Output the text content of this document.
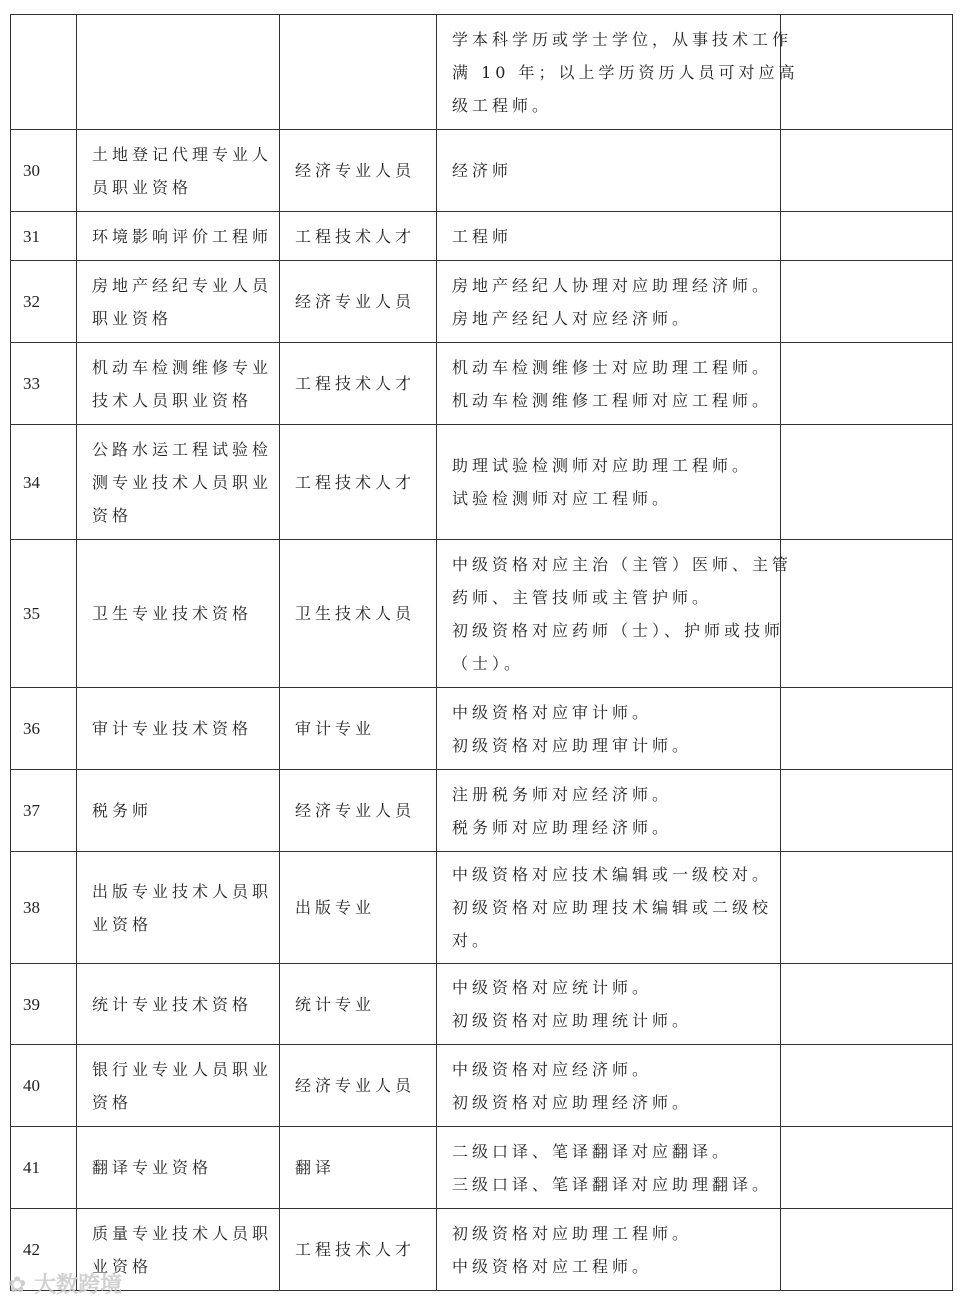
			学本科学历或学士学位，从事技术工作
满 10 年；以上学历资历人员可对应高
级工程师。	

30	土地登记代理专业人
员职业资格	经济专业人员	经济师	

31	环境影响评价工程师	工程技术人才	工程师	

32	房地产经纪专业人员
职业资格	经济专业人员	房地产经纪人协理对应助理经济师。
房地产经纪人对应经济师。	

33	机动车检测维修专业
技术人员职业资格	工程技术人才	机动车检测维修士对应助理工程师。
机动车检测维修工程师对应工程师。	

34	公路水运工程试验检
测专业技术人员职业
资格	工程技术人才	助理试验检测师对应助理工程师。
试验检测师对应工程师。	

35	卫生专业技术资格	卫生技术人员	中级资格对应主治（主管）医师、主管
药师、主管技师或主管护师。
初级资格对应药师（士）、护师或技师
（士）。	

36	审计专业技术资格	审计专业	中级资格对应审计师。
初级资格对应助理审计师。	

37	税务师	经济专业人员	注册税务师对应经济师。
税务师对应助理经济师。	

38	出版专业技术人员职
业资格	出版专业	中级资格对应技术编辑或一级校对。
初级资格对应助理技术编辑或二级校
对。	

39	统计专业技术资格	统计专业	中级资格对应统计师。
初级资格对应助理统计师。	

40	银行业专业人员职业
资格	经济专业人员	中级资格对应经济师。
初级资格对应助理经济师。	

41	翻译专业资格	翻译	二级口译、笔译翻译对应翻译。
三级口译、笔译翻译对应助理翻译。	

42	质量专业技术人员职
业资格	工程技术人才	初级资格对应助理工程师。
中级资格对应工程师。	

✿ 大数跨境
